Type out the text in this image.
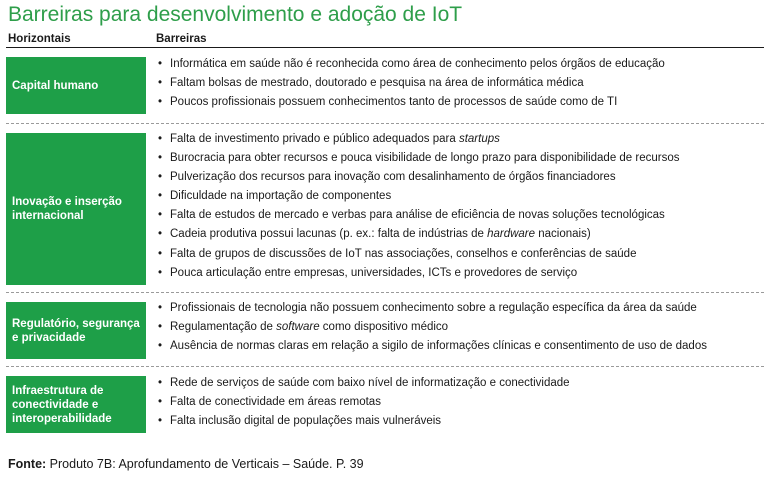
Barreiras para desenvolvimento e adoção de IoT
Horizontais	Barreiras
Capital humano
• Informática em saúde não é reconhecida como área de conhecimento pelos órgãos de educação
• Faltam bolsas de mestrado, doutorado e pesquisa na área de informática médica
• Poucos profissionais possuem conhecimentos tanto de processos de saúde como de TI
Inovação e inserção internacional
• Falta de investimento privado e público adequados para startups
• Burocracia para obter recursos e pouca visibilidade de longo prazo para disponibilidade de recursos
• Pulverização dos recursos para inovação com desalinhamento de órgãos financiadores
• Dificuldade na importação de componentes
• Falta de estudos de mercado e verbas para análise de eficiência de novas soluções tecnológicas
• Cadeia produtiva possui lacunas (p. ex.: falta de indústrias de hardware nacionais)
• Falta de grupos de discussões de IoT nas associações, conselhos e conferências de saúde
• Pouca articulação entre empresas, universidades, ICTs e provedores de serviço
Regulatório, segurança e privacidade
• Profissionais de tecnologia não possuem conhecimento sobre a regulação específica da área da saúde
• Regulamentação de software como dispositivo médico
• Ausência de normas claras em relação a sigilo de informações clínicas e consentimento de uso de dados
Infraestrutura de conectividade e interoperabilidade
• Rede de serviços de saúde com baixo nível de informatização e conectividade
• Falta de conectividade em áreas remotas
• Falta inclusão digital de populações mais vulneráveis
Fonte: Produto 7B: Aprofundamento de Verticais – Saúde. P. 39
